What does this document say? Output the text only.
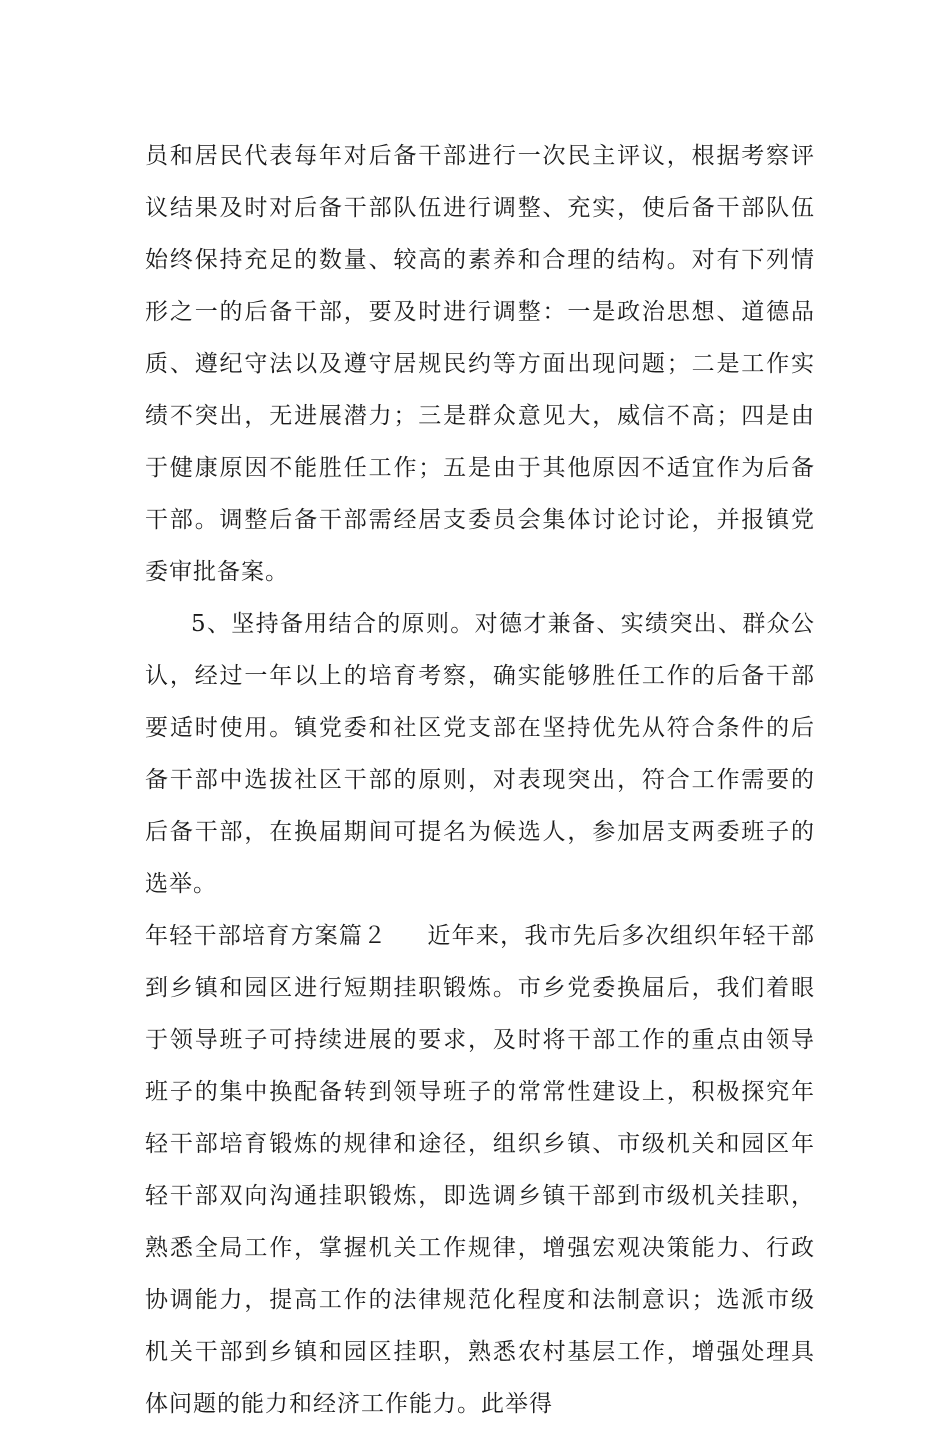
员和居民代表每年对后备干部进行一次民主评议，根据考察评议结果及时对后备干部队伍进行调整、充实，使后备干部队伍始终保持充足的数量、较高的素养和合理的结构。对有下列情形之一的后备干部，要及时进行调整：一是政治思想、道德品质、遵纪守法以及遵守居规民约等方面出现问题；二是工作实绩不突出，无进展潜力；三是群众意见大，威信不高；四是由于健康原因不能胜任工作；五是由于其他原因不适宜作为后备干部。调整后备干部需经居支委员会集体讨论讨论，并报镇党委审批备案。

5、坚持备用结合的原则。对德才兼备、实绩突出、群众公认，经过一年以上的培育考察，确实能够胜任工作的后备干部要适时使用。镇党委和社区党支部在坚持优先从符合条件的后备干部中选拔社区干部的原则，对表现突出，符合工作需要的后备干部，在换届期间可提名为候选人，参加居支两委班子的选举。

年轻干部培育方案篇２ 近年来，我市先后多次组织年轻干部到乡镇和园区进行短期挂职锻炼。市乡党委换届后，我们着眼于领导班子可持续进展的要求，及时将干部工作的重点由领导班子的集中换配备转到领导班子的常常性建设上，积极探究年轻干部培育锻炼的规律和途径，组织乡镇、市级机关和园区年轻干部双向沟通挂职锻炼，即选调乡镇干部到市级机关挂职，熟悉全局工作，掌握机关工作规律，增强宏观决策能力、行政协调能力，提高工作的法律规范化程度和法制意识；选派市级机关干部到乡镇和园区挂职，熟悉农村基层工作，增强处理具体问题的能力和经济工作能力。此举得
